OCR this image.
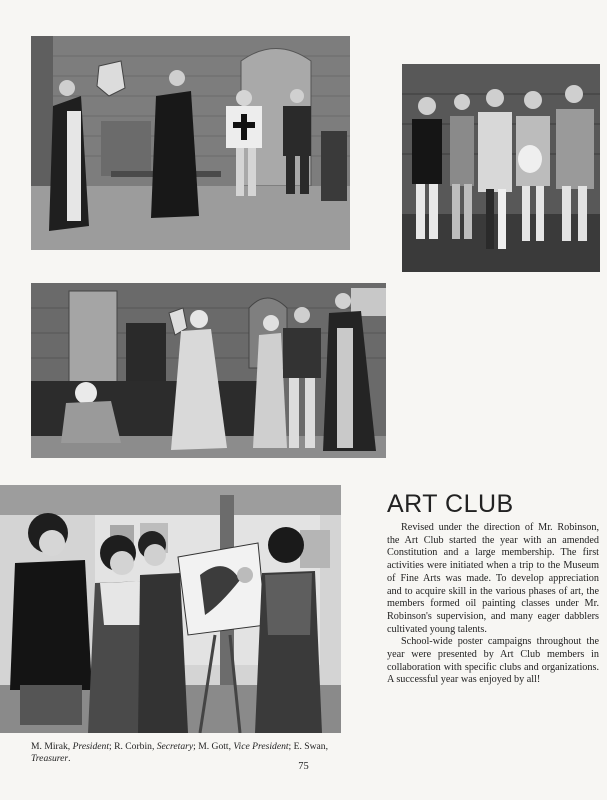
ART CLUB

Revised under the direction of Mr. Robinson, the Art Club started the year with an amended Constitution and a large membership. The first activities were initiated when a trip to the Museum of Fine Arts was made. To develop appreciation and to acquire skill in the various phases of art, the members formed oil painting classes under Mr. Robinson's supervision, and many eager dabblers cultivated young talents.

School-wide poster campaigns throughout the year were presented by Art Club members in collaboration with specific clubs and organizations. A successful year was enjoyed by all!

M. Mirak, President; R. Corbin, Secretary; M. Gott, Vice President; E. Swan, Treasurer.
75
